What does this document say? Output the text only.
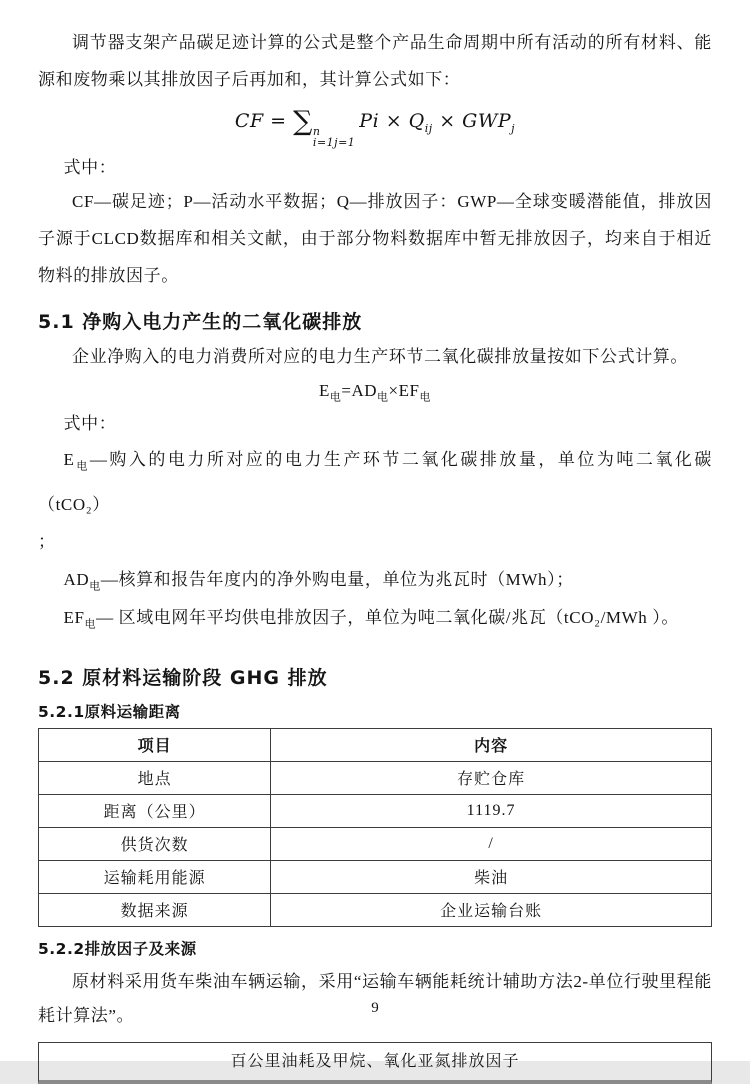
调节器支架产品碳足迹计算的公式是整个产品生命周期中所有活动的所有材料、能源和废物乘以其排放因子后再加和，其计算公式如下：

CF = ∑ n
i=1j=1
$Pi \times Q_{ij} \times GWP_j$

式中：

CF—碳足迹；P—活动水平数据；Q—排放因子：GWP—全球变暖潜能值，排放因子源于CLCD数据库和相关文献，由于部分物料数据库中暂无排放因子，均来自于相近物料的排放因子。

5.1 净购入电力产生的二氧化碳排放

企业净购入的电力消费所对应的电力生产环节二氧化碳排放量按如下公式计算。

$E_电=AD_电\times EF_电$

式中：

$E_电—$购入的电力所对应的电力生产环节二氧化碳排放量，单位为吨二氧化碳（tCO₂）

；

$AD_电—$核算和报告年度内的净外购电量，单位为兆瓦时（MWh）；

$EF_电—$ 区域电网年平均供电排放因子，单位为吨二氧化碳/兆瓦（tCO₂/MWh ）。

5.2 原材料运输阶段 GHG 排放
5.2.1原料运输距离
项目	内容
地点	存贮仓库
距离（公里）	1119.7
供货次数	/
运输耗用能源	柴油
数据来源	企业运输台账
5.2.2排放因子及来源

原材料采用货车柴油车辆运输，采用“运输车辆能耗统计辅助方法2-单位行驶里程能耗计算法”。

百公里油耗及甲烷、氧化亚氮排放因子
9
